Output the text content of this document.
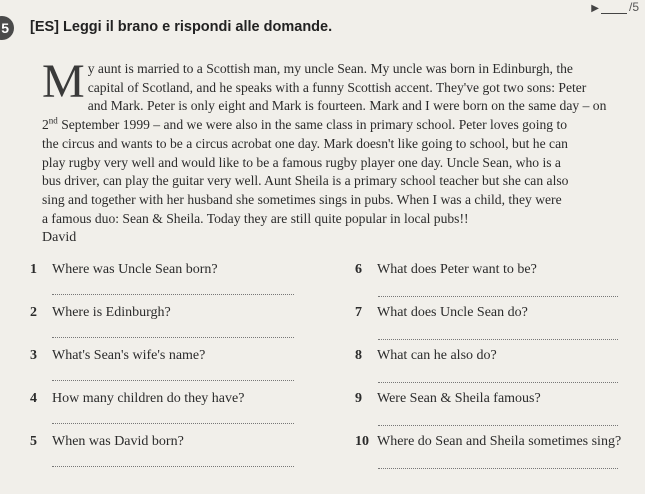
▶	/5
5	[ES] Leggi il brano e rispondi alle domande.
M y aunt is married to a Scottish man, my uncle Sean. My uncle was born in Edinburgh, the

capital of Scotland, and he speaks with a funny Scottish accent. They've got two sons: Peter

and Mark. Peter is only eight and Mark is fourteen. Mark and I were born on the same day – on

2nd September 1999 – and we were also in the same class in primary school. Peter loves going to

the circus and wants to be a circus acrobat one day. Mark doesn't like going to school, but he can

play rugby very well and would like to be a famous rugby player one day. Uncle Sean, who is a

bus driver, can play the guitar very well. Aunt Sheila is a primary school teacher but she can also

sing and together with her husband she sometimes sings in pubs. When I was a child, they were

a famous duo: Sean & Sheila. Today they are still quite popular in local pubs!!

David
1 Where was Uncle Sean born?
2 Where is Edinburgh?
3 What's Sean's wife's name?
4 How many children do they have?
5 When was David born?
6 What does Peter want to be?
7 What does Uncle Sean do?
8 What can he also do?
9 Were Sean & Sheila famous?
10 Where do Sean and Sheila sometimes sing?
